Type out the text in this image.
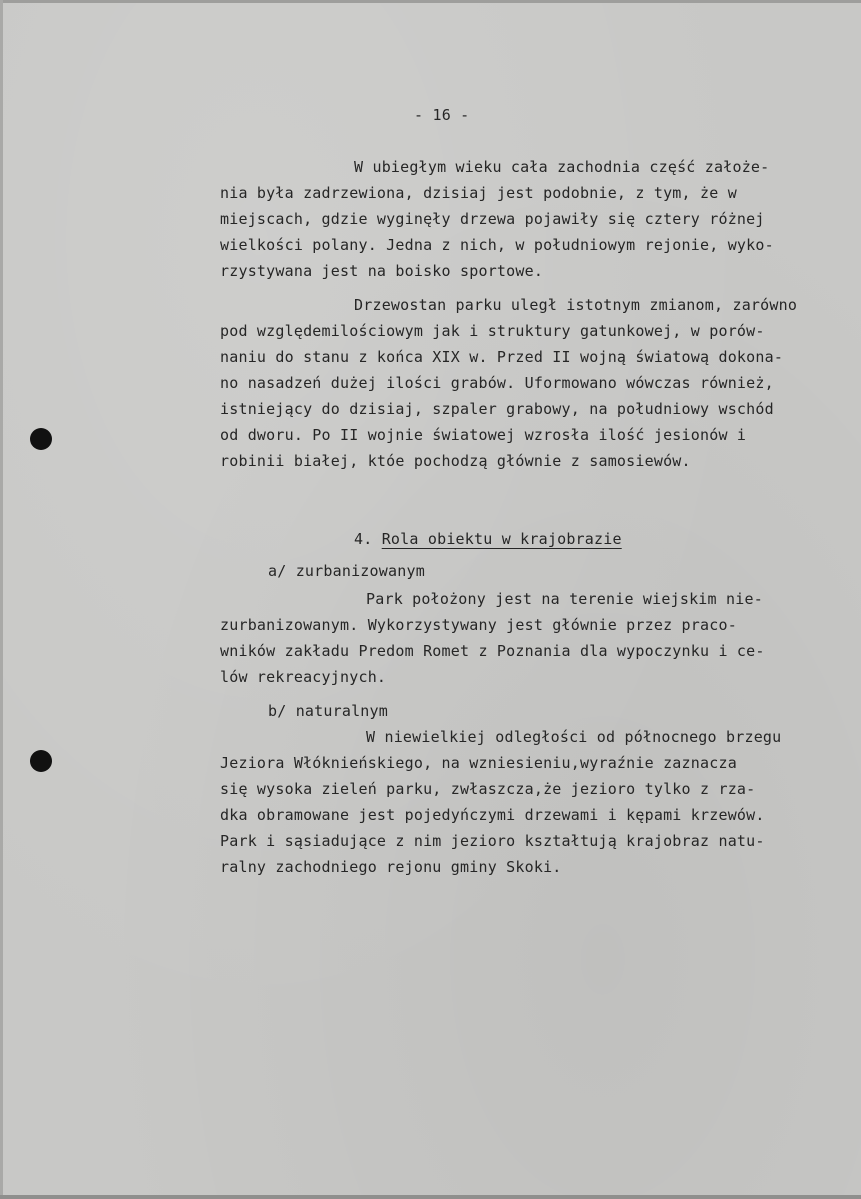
- 16 -
W ubiegłym wieku cała zachodnia część założe-
nia była zadrzewiona, dzisiaj jest podobnie, z tym, że w
miejscach, gdzie wyginęły drzewa pojawiły się cztery różnej
wielkości polany. Jedna z nich, w południowym rejonie, wyko-
rzystywana jest na boisko sportowe.
Drzewostan parku uległ istotnym zmianom, zarówno
pod względemilościowym jak i struktury gatunkowej, w porów-
naniu do stanu z końca XIX w. Przed II wojną światową dokona-
no nasadzeń dużej ilości grabów. Uformowano wówczas również,
istniejący do dzisiaj, szpaler grabowy, na południowy wschód
od dworu. Po II wojnie światowej wzrosła ilość jesionów i
robinii białej, któe pochodzą głównie z samosiewów.
4. Rola obiektu w krajobrazie
a/ zurbanizowanym
Park położony jest na terenie wiejskim nie-
zurbanizowanym. Wykorzystywany jest głównie przez praco-
wników zakładu Predom Romet z Poznania dla wypoczynku i ce-
lów rekreacyjnych.
b/ naturalnym
W niewielkiej odległości od północnego brzegu
Jeziora Włókniеńskiego, na wzniesieniu,wyraźnie zaznacza
się wysoka zieleń parku, zwłaszcza,że jezioro tylko z rza-
dka obramowane jest pojedyńczymi drzewami i kępami krzewów.
Park i sąsiadujące z nim jezioro kształtują krajobraz natu-
ralny zachodniego rejonu gminy Skoki.
